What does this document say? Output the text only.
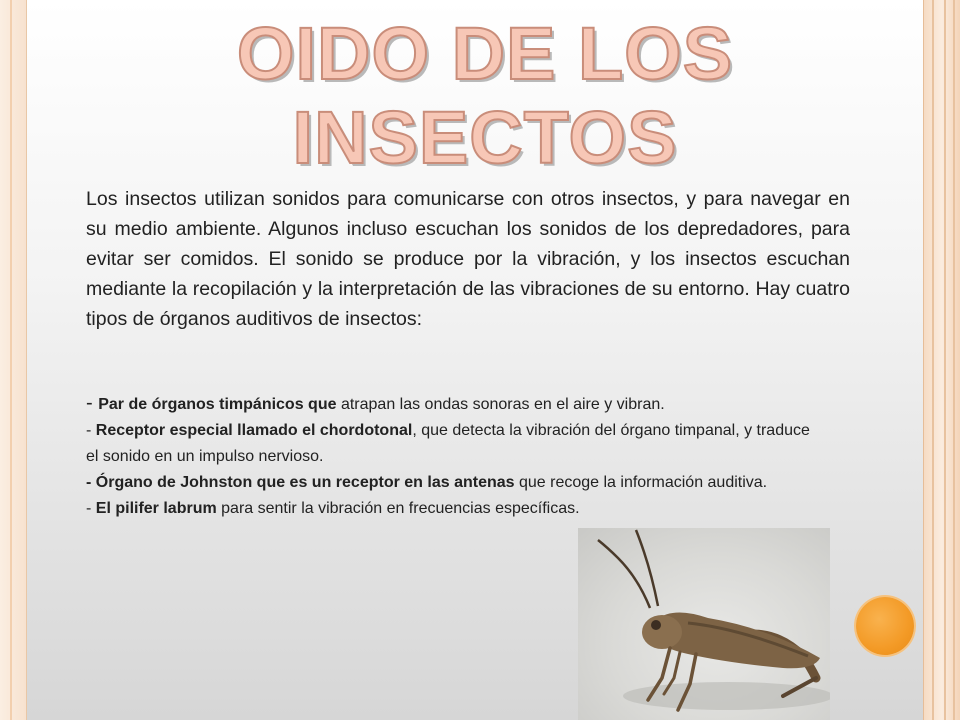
OIDO DE LOS INSECTOS

Los insectos utilizan sonidos para comunicarse con otros insectos, y para navegar en su medio ambiente. Algunos incluso escuchan los sonidos de los depredadores, para evitar ser comidos. El sonido se produce por la vibración, y los insectos escuchan mediante la recopilación y la interpretación de las vibraciones de su entorno. Hay cuatro tipos de órganos auditivos de insectos:

- Par de órganos timpánicos que atrapan las ondas sonoras en el aire y vibran.
- Receptor especial llamado el chordotonal, que detecta la vibración del órgano timpanal, y traduce el sonido en un impulso nervioso.
- Órgano de Johnston que es un receptor en las antenas que recoge la información auditiva.
- El pilifer labrum para sentir la vibración en frecuencias específicas.
